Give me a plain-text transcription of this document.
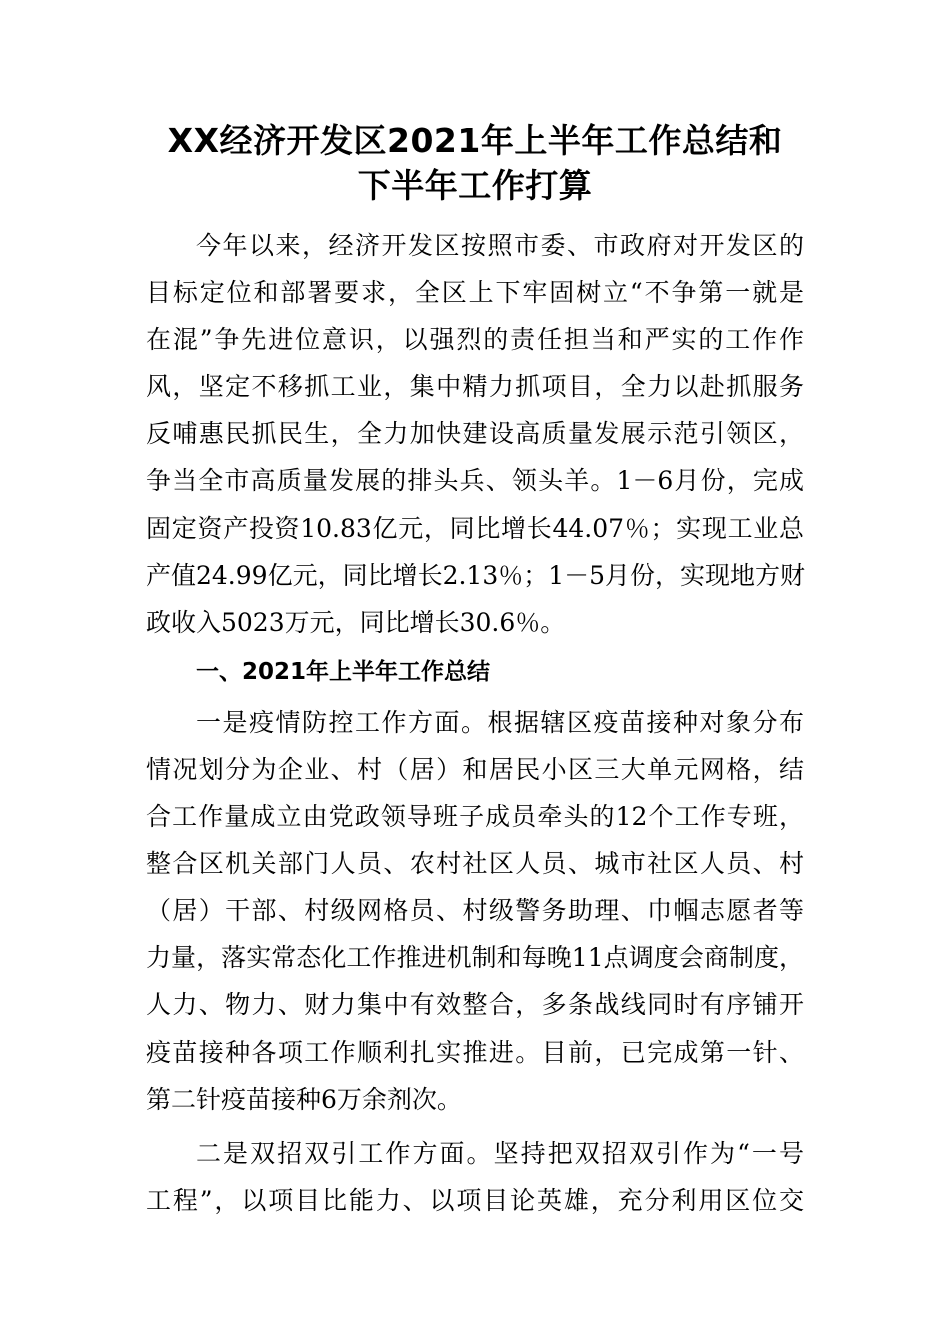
XX经济开发区2021年上半年工作总结和
下半年工作打算
今年以来，经济开发区按照市委、市政府对开发区的
目标定位和部署要求，全区上下牢固树立“不争第一就是
在混”争先进位意识，以强烈的责任担当和严实的工作作
风，坚定不移抓工业，集中精力抓项目，全力以赴抓服务
反哺惠民抓民生，全力加快建设高质量发展示范引领区，
争当全市高质量发展的排头兵、领头羊。1－6月份，完成
固定资产投资10.83亿元，同比增长44.07％；实现工业总
产值24.99亿元，同比增长2.13％；1－5月份，实现地方财
政收入5023万元，同比增长30.6％。
一、2021年上半年工作总结
一是疫情防控工作方面。根据辖区疫苗接种对象分布
情况划分为企业、村（居）和居民小区三大单元网格，结
合工作量成立由党政领导班子成员牵头的12个工作专班，
整合区机关部门人员、农村社区人员、城市社区人员、村
（居）干部、村级网格员、村级警务助理、巾帼志愿者等
力量，落实常态化工作推进机制和每晚11点调度会商制度，
人力、物力、财力集中有效整合，多条战线同时有序铺开
疫苗接种各项工作顺利扎实推进。目前，已完成第一针、
第二针疫苗接种6万余剂次。
二是双招双引工作方面。坚持把双招双引作为“一号
工程”，以项目比能力、以项目论英雄，充分利用区位交
